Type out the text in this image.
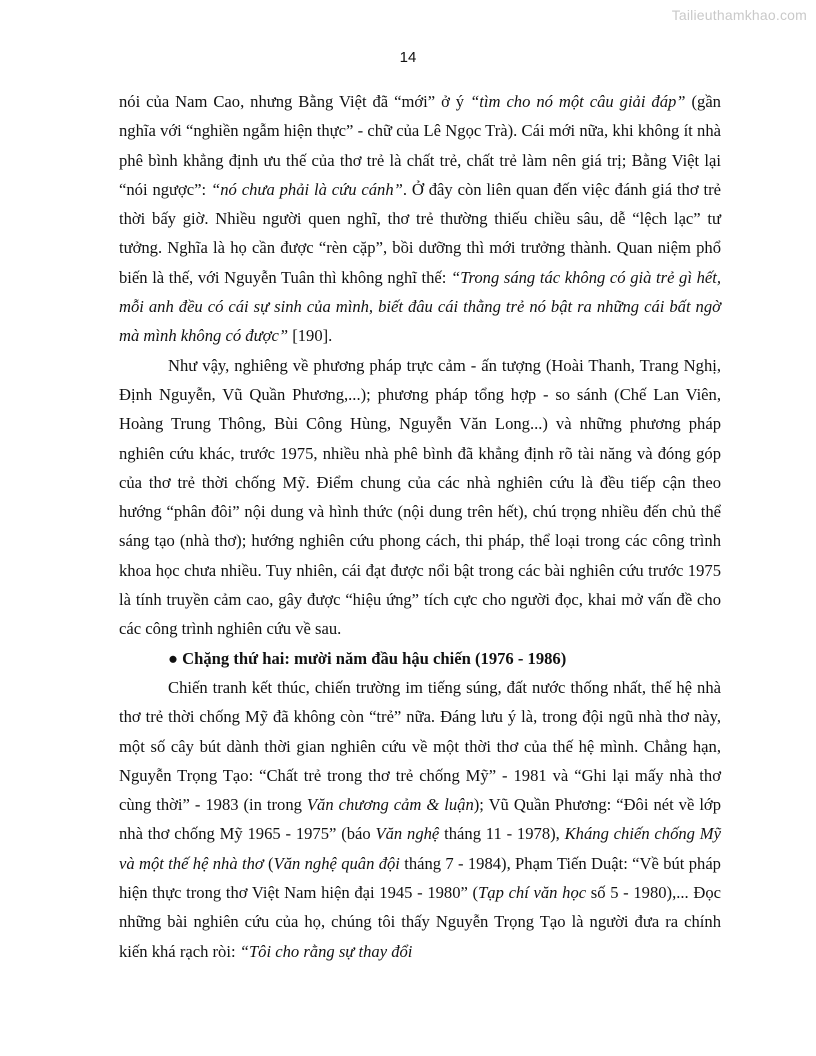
Tailieuthamkhao.com
14

nói của Nam Cao, nhưng Bằng Việt đã “mới” ở ý “tìm cho nó một câu giải đáp” (gần nghĩa với “nghiền ngẫm hiện thực” - chữ của Lê Ngọc Trà). Cái mới nữa, khi không ít nhà phê bình khẳng định ưu thế của thơ trẻ là chất trẻ, chất trẻ làm nên giá trị; Bằng Việt lại “nói ngược”: “nó chưa phải là cứu cánh”. Ở đây còn liên quan đến việc đánh giá thơ trẻ thời bấy giờ. Nhiều người quen nghĩ, thơ trẻ thường thiếu chiều sâu, dễ “lệch lạc” tư tưởng. Nghĩa là họ cần được “rèn cặp”, bồi dưỡng thì mới trưởng thành. Quan niệm phổ biến là thế, với Nguyễn Tuân thì không nghĩ thế: “Trong sáng tác không có già trẻ gì hết, mỗi anh đều có cái sự sinh của mình, biết đâu cái thằng trẻ nó bật ra những cái bất ngờ mà mình không có được” [190].

Như vậy, nghiêng về phương pháp trực cảm - ấn tượng (Hoài Thanh, Trang Nghị, Định Nguyễn, Vũ Quần Phương,...); phương pháp tổng hợp - so sánh (Chế Lan Viên, Hoàng Trung Thông, Bùi Công Hùng, Nguyễn Văn Long...) và những phương pháp nghiên cứu khác, trước 1975, nhiều nhà phê bình đã khẳng định rõ tài năng và đóng góp của thơ trẻ thời chống Mỹ. Điểm chung của các nhà nghiên cứu là đều tiếp cận theo hướng “phân đôi” nội dung và hình thức (nội dung trên hết), chú trọng nhiều đến chủ thể sáng tạo (nhà thơ); hướng nghiên cứu phong cách, thi pháp, thể loại trong các công trình khoa học chưa nhiều. Tuy nhiên, cái đạt được nổi bật trong các bài nghiên cứu trước 1975 là tính truyền cảm cao, gây được “hiệu ứng” tích cực cho người đọc, khai mở vấn đề cho các công trình nghiên cứu về sau.

● Chặng thứ hai: mười năm đầu hậu chiến (1976 - 1986)

Chiến tranh kết thúc, chiến trường im tiếng súng, đất nước thống nhất, thế hệ nhà thơ trẻ thời chống Mỹ đã không còn “trẻ” nữa. Đáng lưu ý là, trong đội ngũ nhà thơ này, một số cây bút dành thời gian nghiên cứu về một thời thơ của thế hệ mình. Chẳng hạn, Nguyễn Trọng Tạo: “Chất trẻ trong thơ trẻ chống Mỹ” - 1981 và “Ghi lại mấy nhà thơ cùng thời” - 1983 (in trong Văn chương cảm & luận); Vũ Quần Phương: “Đôi nét về lớp nhà thơ chống Mỹ 1965 - 1975” (báo Văn nghệ tháng 11 - 1978), Kháng chiến chống Mỹ và một thế hệ nhà thơ (Văn nghệ quân đội tháng 7 - 1984), Phạm Tiến Duật: “Về bút pháp hiện thực trong thơ Việt Nam hiện đại 1945 - 1980” (Tạp chí văn học số 5 - 1980),... Đọc những bài nghiên cứu của họ, chúng tôi thấy Nguyễn Trọng Tạo là người đưa ra chính kiến khá rạch ròi: “Tôi cho rằng sự thay đổi
